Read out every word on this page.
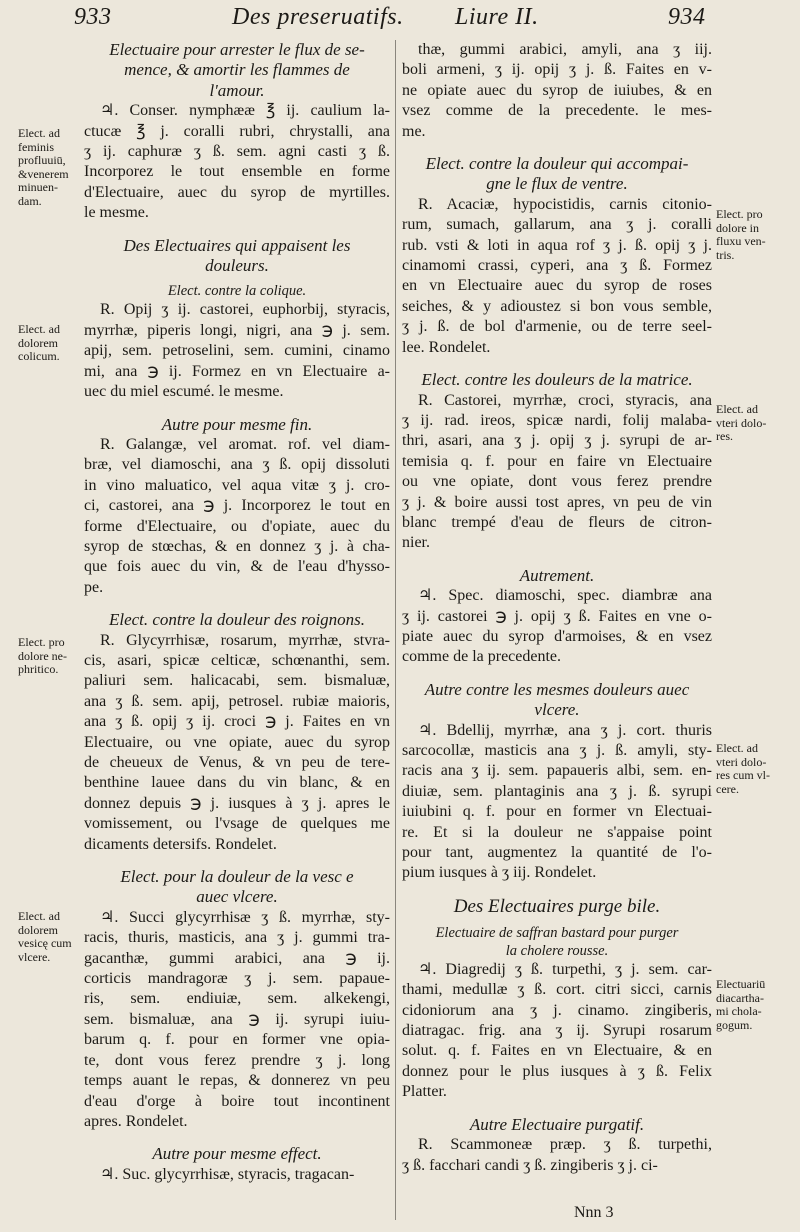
933	Des preseruatifs. Liure II.	934
Electuaire pour arrester le flux de se-
mence, & amortir les flammes de
l'amour.
♃. Conser. nymphææ ℥ ij. caulium la-
ctucæ ℥ j. coralli rubri, chrystalli, ana
ʒ ij. caphuræ ʒ ß. sem. agni casti ʒ ß.
Incorporez le tout ensemble en forme
d'Electuaire, auec du syrop de myrtilles.
le mesme.
Des Electuaires qui appaisent les
douleurs.
Elect. contre la colique.
R. Opij ʒ ij. castorei, euphorbij, styracis,
myrrhæ, piperis longi, nigri, ana ℈ j. sem.
apij, sem. petroselini, sem. cumini, cinamo
mi, ana ℈ ij. Formez en vn Electuaire a-
uec du miel escumé. le mesme.
Autre pour mesme fin.
R. Galangæ, vel aromat. rof. vel diam-
bræ, vel diamoschi, ana ʒ ß. opij dissoluti
in vino maluatico, vel aqua vitæ ʒ j. cro-
ci, castorei, ana ℈ j. Incorporez le tout en
forme d'Electuaire, ou d'opiate, auec du
syrop de stœchas, & en donnez ʒ j. à cha-
que fois auec du vin, & de l'eau d'hysso-
pe.
Elect. contre la douleur des roignons.
R. Glycyrrhisæ, rosarum, myrrhæ, stvra-
cis, asari, spicæ celticæ, schœnanthi, sem.
paliuri sem. halicacabi, sem. bismaluæ,
ana ʒ ß. sem. apij, petrosel. rubiæ maioris,
ana ʒ ß. opij ʒ ij. croci ℈ j. Faites en vn
Electuaire, ou vne opiate, auec du syrop
de cheueux de Venus, & vn peu de tere-
benthine lauee dans du vin blanc, & en
donnez depuis ℈ j. iusques à ʒ j. apres le
vomissement, ou l'vsage de quelques me
dicaments detersifs. Rondelet.
Elect. pour la douleur de la vesc e
auec vlcere.
♃. Succi glycyrrhisæ ʒ ß. myrrhæ, sty-
racis, thuris, masticis, ana ʒ j. gummi tra-
gacanthæ, gummi arabici, ana ℈ ij.
corticis mandragoræ ʒ j. sem. papaue-
ris, sem. endiuiæ, sem. alkekengi,
sem. bismaluæ, ana ℈ ij. syrupi iuiu-
barum q. f. pour en former vne opia-
te, dont vous ferez prendre ʒ j. long
temps auant le repas, & donnerez vn peu
d'eau d'orge à boire tout incontinent
apres. Rondelet.
Autre pour mesme effect.
♃. Suc. glycyrrhisæ, styracis, tragacan-
thæ, gummi arabici, amyli, ana ʒ iij.
boli armeni, ʒ ij. opij ʒ j. ß. Faites en v-
ne opiate auec du syrop de iuiubes, & en
vsez comme de la precedente. le mes-
me.
Elect. contre la douleur qui accompai-
gne le flux de ventre.
R. Acaciæ, hypocistidis, carnis citonio-
rum, sumach, gallarum, ana ʒ j. coralli
rub. vsti & loti in aqua rof ʒ j. ß. opij ʒ j.
cinamomi crassi, cyperi, ana ʒ ß. Formez
en vn Electuaire auec du syrop de roses
seiches, & y adioustez si bon vous semble,
ʒ j. ß. de bol d'armenie, ou de terre seel-
lee. Rondelet.
Elect. contre les douleurs de la matrice.
R. Castorei, myrrhæ, croci, styracis, ana
ʒ ij. rad. ireos, spicæ nardi, folij malaba-
thri, asari, ana ʒ j. opij ʒ j. syrupi de ar-
temisia q. f. pour en faire vn Electuaire
ou vne opiate, dont vous ferez prendre
ʒ j. & boire aussi tost apres, vn peu de vin
blanc trempé d'eau de fleurs de citron-
nier.
Autrement.
♃. Spec. diamoschi, spec. diambræ ana
ʒ ij. castorei ℈ j. opij ʒ ß. Faites en vne o-
piate auec du syrop d'armoises, & en vsez
comme de la precedente.
Autre contre les mesmes douleurs auec
vlcere.
♃. Bdellij, myrrhæ, ana ʒ j. cort. thuris
sarcocollæ, masticis ana ʒ j. ß. amyli, sty-
racis ana ʒ ij. sem. papaueris albi, sem. en-
diuiæ, sem. plantaginis ana ʒ j. ß. syrupi
iuiubini q. f. pour en former vn Electuai-
re. Et si la douleur ne s'appaise point
pour tant, augmentez la quantité de l'o-
pium iusques à ʒ iij. Rondelet.
Des Electuaires purge bile.
Electuaire de saffran bastard pour purger
la cholere rousse.
♃. Diagredij ʒ ß. turpethi, ʒ j. sem. car-
thami, medullæ ʒ ß. cort. citri sicci, carnis
cidoniorum ana ʒ j. cinamo. zingiberis,
diatragac. frig. ana ʒ ij. Syrupi rosarum
solut. q. f. Faites en vn Electuaire, & en
donnez pour le plus iusques à ʒ ß. Felix
Platter.
Autre Electuaire purgatif.
R. Scammoneæ præp. ʒ ß. turpethi,
ʒ ß. facchari candi ʒ ß. zingiberis ʒ j. ci-
Elect. ad
feminis
profluuiū,
&venerem
minuen-
dam.
Elect. ad
dolorem
colicum.
Elect. pro
dolore ne-
phritico.
Elect. ad
dolorem
vesicę cum
vlcere.
Elect. pro
dolore in
fluxu ven-
tris.
Elect. ad
vteri dolo-
res.
Elect. ad
vteri dolo-
res cum vl-
cere.
Electuariū
diacartha-
mi chola-
gogum.
Nnn 3
